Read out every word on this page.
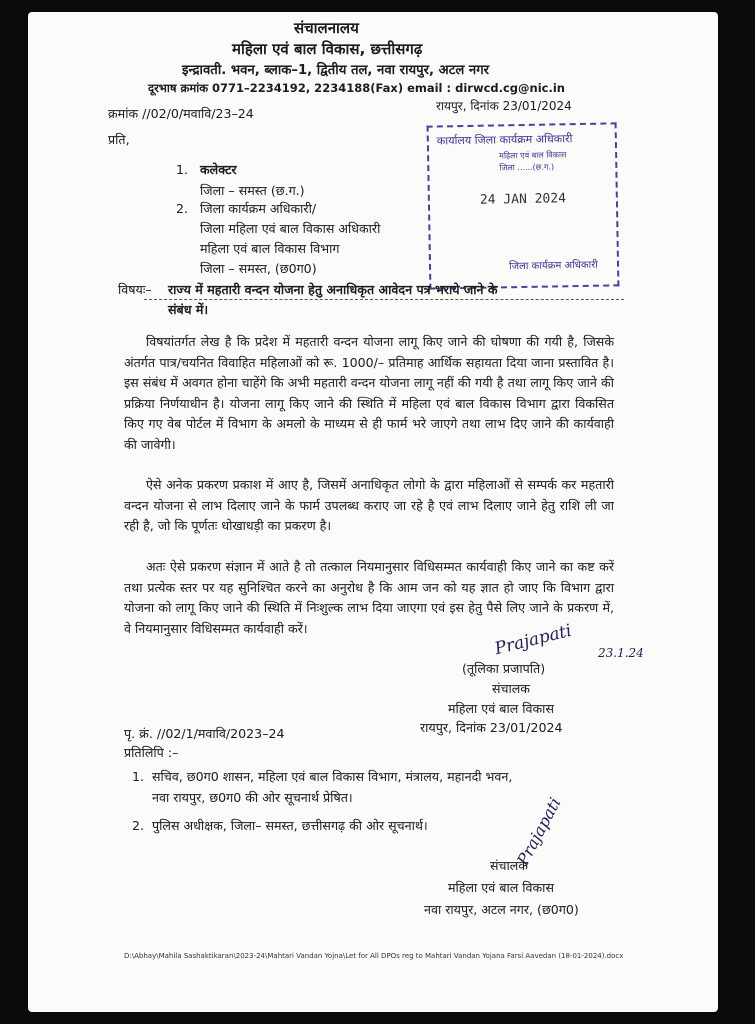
संचालनालय
महिला एवं बाल विकास, छत्तीसगढ़
इन्द्रावती. भवन, ब्लाक–1, द्वितीय तल, नवा रायपुर, अटल नगर
दूरभाष क्रमांक 0771–2234192, 2234188(Fax) email : dirwcd.cg@nic.in
क्रमांक //02/0/मवावि/23–24	रायपुर, दिनांक 23/01/2024
प्रति,
1. कलेक्टर
जिला – समस्त (छ.ग.)
2. जिला कार्यक्रम अधिकारी/
जिला महिला एवं बाल विकास अधिकारी
महिला एवं बाल विकास विभाग
जिला – समस्त, (छ0ग0)
कार्यालय जिला कार्यक्रम अधिकारी
महिला एवं बाल विकास
जिला ......(छ.ग.)
24 JAN 2024
जिला कार्यक्रम अधिकारी
विषयः– राज्य में महतारी वन्दन योजना हेतु अनाधिकृत आवेदन पत्र भराये जाने के
संबंध में।
विषयांतर्गत लेख है कि प्रदेश में महतारी वन्दन योजना लागू किए जाने की घोषणा की गयी है, जिसके अंतर्गत पात्र/चयनित विवाहित महिलाओं को रू. 1000/– प्रतिमाह आर्थिक सहायता दिया जाना प्रस्तावित है। इस संबंध में अवगत होना चाहेंगे कि अभी महतारी वन्दन योजना लागू नहीं की गयी है तथा लागू किए जाने की प्रक्रिया निर्णयाधीन है। योजना लागू किए जाने की स्थिति में महिला एवं बाल विकास विभाग द्वारा विकसित किए गए वेब पोर्टल में विभाग के अमलो के माध्यम से ही फार्म भरे जाएगे तथा लाभ दिए जाने की कार्यवाही की जावेगी।
ऐसे अनेक प्रकरण प्रकाश में आए है, जिसमें अनाधिकृत लोगो के द्वारा महिलाओं से सम्पर्क कर महतारी वन्दन योजना से लाभ दिलाए जाने के फार्म उपलब्ध कराए जा रहे है एवं लाभ दिलाए जाने हेतु राशि ली जा रही है, जो कि पूर्णतः धोखाधड़ी का प्रकरण है।
अतः ऐसे प्रकरण संज्ञान में आते है तो तत्काल नियमानुसार विधिसम्मत कार्यवाही किए जाने का कष्ट करें तथा प्रत्येक स्तर पर यह सुनिश्चित करने का अनुरोध है कि आम जन को यह ज्ञात हो जाए कि विभाग द्वारा योजना को लागू किए जाने की स्थिति में निःशुल्क लाभ दिया जाएगा एवं इस हेतु पैसे लिए जाने के प्रकरण में, वे नियमानुसार विधिसम्मत कार्यवाही करें।	Prajapati 23.1.24
(तूलिका प्रजापति)
संचालक
महिला एवं बाल विकास
पृ. क्रं. //02/1/मवावि/2023–24	रायपुर, दिनांक 23/01/2024
प्रतिलिपि :–
1. सचिव, छ0ग0 शासन, महिला एवं बाल विकास विभाग, मंत्रालय, महानदी भवन,
नवा रायपुर, छ0ग0 की ओर सूचनार्थ प्रेषित।
2. पुलिस अधीक्षक, जिला– समस्त, छत्तीसगढ़ की ओर सूचनार्थ।	Prajapati
संचालक
महिला एवं बाल विकास
नवा रायपुर, अटल नगर, (छ0ग0)
D:\Abhay\Mahila Sashaktikaran\2023-24\Mahtari Vandan Yojna\Let for All DPOs reg to Mahtari Vandan Yojana Farsi Aavedan (18-01-2024).docx
